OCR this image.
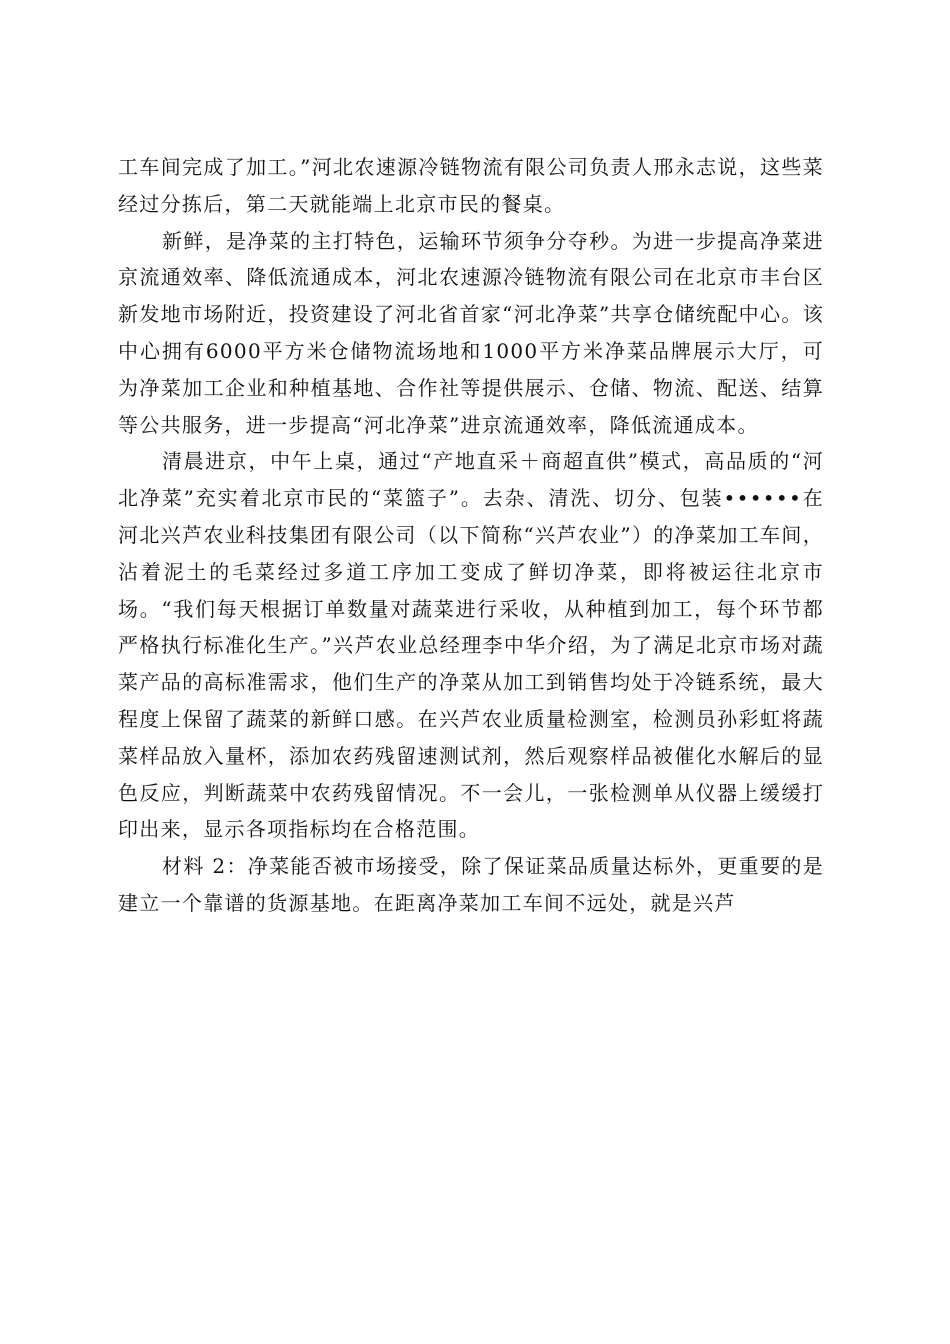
工车间完成了加工。”河北农速源冷链物流有限公司负责人邢永志说，这些菜经过分拣后，第二天就能端上北京市民的餐桌。

新鲜，是净菜的主打特色，运输环节须争分夺秒。为进一步提高净菜进京流通效率、降低流通成本，河北农速源冷链物流有限公司在北京市丰台区新发地市场附近，投资建设了河北省首家“河北净菜”共享仓储统配中心。该中心拥有6000平方米仓储物流场地和1000平方米净菜品牌展示大厅，可为净菜加工企业和种植基地、合作社等提供展示、仓储、物流、配送、结算等公共服务，进一步提高“河北净菜”进京流通效率，降低流通成本。

清晨进京，中午上桌，通过“产地直采＋商超直供”模式，高品质的“河北净菜”充实着北京市民的“菜篮子”。去杂、清洗、切分、包装••••••在河北兴芦农业科技集团有限公司（以下简称“兴芦农业”）的净菜加工车间，沾着泥土的毛菜经过多道工序加工变成了鲜切净菜，即将被运往北京市场。“我们每天根据订单数量对蔬菜进行采收，从种植到加工，每个环节都严格执行标准化生产。”兴芦农业总经理李中华介绍，为了满足北京市场对蔬菜产品的高标准需求，他们生产的净菜从加工到销售均处于冷链系统，最大程度上保留了蔬菜的新鲜口感。在兴芦农业质量检测室，检测员孙彩虹将蔬菜样品放入量杯，添加农药残留速测试剂，然后观察样品被催化水解后的显色反应，判断蔬菜中农药残留情况。不一会儿，一张检测单从仪器上缓缓打印出来，显示各项指标均在合格范围。

材料 2：净菜能否被市场接受，除了保证菜品质量达标外，更重要的是建立一个靠谱的货源基地。在距离净菜加工车间不远处，就是兴芦
